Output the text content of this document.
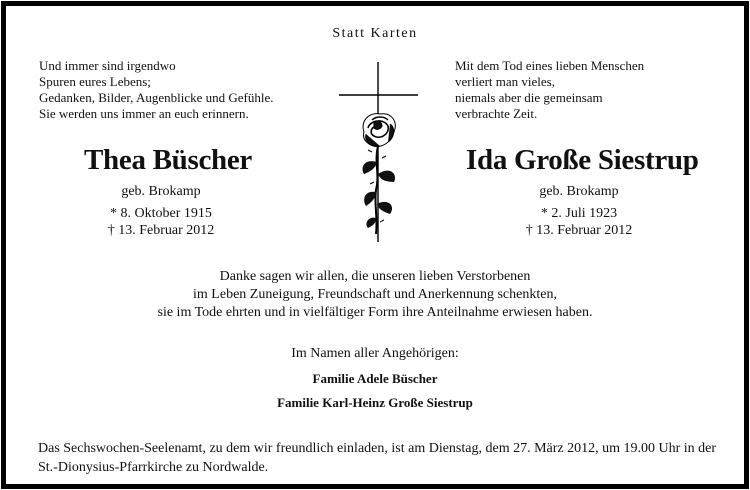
Statt Karten
Und immer sind irgendwo
Spuren eures Lebens;
Gedanken, Bilder, Augenblicke und Gefühle.
Sie werden uns immer an euch erinnern.
Mit dem Tod eines lieben Menschen
verliert man vieles,
niemals aber die gemeinsam
verbrachte Zeit.
Thea Büscher
geb. Brokamp
* 8. Oktober 1915
† 13. Februar 2012
Ida Große Siestrup
geb. Brokamp
* 2. Juli 1923
† 13. Februar 2012
Danke sagen wir allen, die unseren lieben Verstorbenen
im Leben Zuneigung, Freundschaft und Anerkennung schenkten,
sie im Tode ehrten und in vielfältiger Form ihre Anteilnahme erwiesen haben.
Im Namen aller Angehörigen:
Familie Adele Büscher
Familie Karl-Heinz Große Siestrup
Das Sechswochen-Seelenamt, zu dem wir freundlich einladen, ist am Dienstag, dem 27. März 2012, um 19.00 Uhr in der St.-Dionysius-Pfarrkirche zu Nordwalde.
